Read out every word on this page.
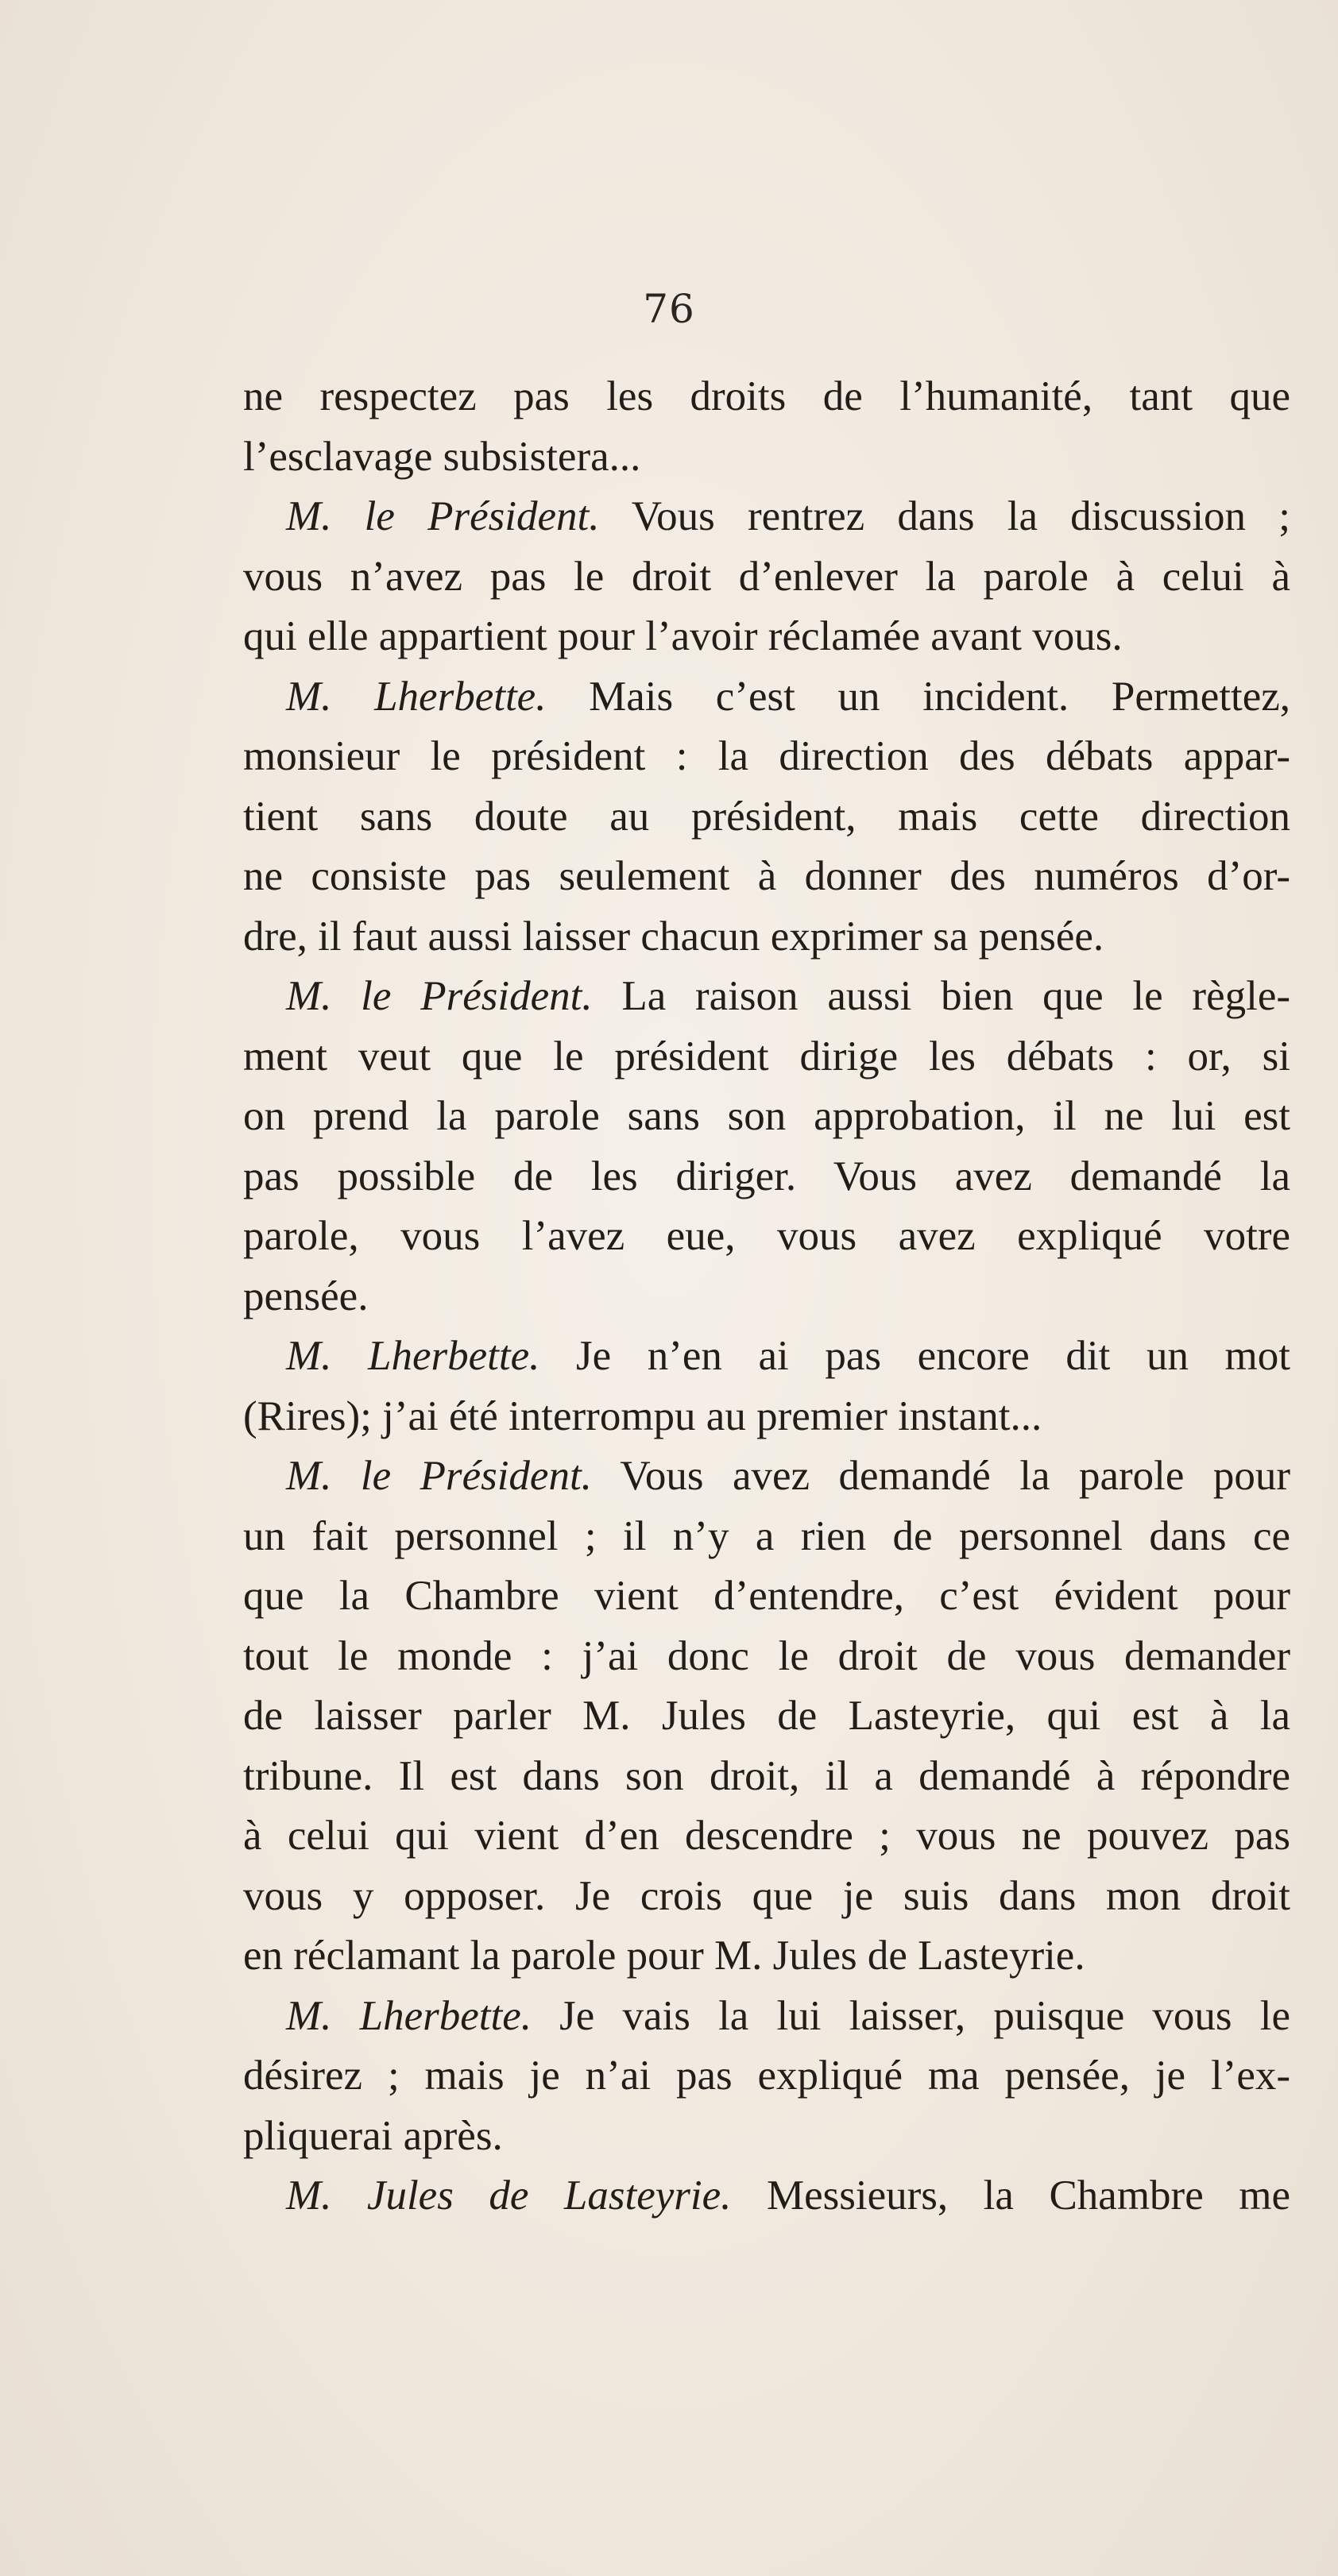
76
ne respectez pas les droits de l’humanité, tant que
l’esclavage subsistera...
M. le Président. Vous rentrez dans la discussion ;
vous n’avez pas le droit d’enlever la parole à celui à
qui elle appartient pour l’avoir réclamée avant vous.
M. Lherbette. Mais c’est un incident. Permettez,
monsieur le président : la direction des débats appar-
tient sans doute au président, mais cette direction
ne consiste pas seulement à donner des numéros d’or-
dre, il faut aussi laisser chacun exprimer sa pensée.
M. le Président. La raison aussi bien que le règle-
ment veut que le président dirige les débats : or, si
on prend la parole sans son approbation, il ne lui est
pas possible de les diriger. Vous avez demandé la
parole, vous l’avez eue, vous avez expliqué votre
pensée.
M. Lherbette. Je n’en ai pas encore dit un mot
(Rires); j’ai été interrompu au premier instant...
M. le Président. Vous avez demandé la parole pour
un fait personnel ; il n’y a rien de personnel dans ce
que la Chambre vient d’entendre, c’est évident pour
tout le monde : j’ai donc le droit de vous demander
de laisser parler M. Jules de Lasteyrie, qui est à la
tribune. Il est dans son droit, il a demandé à répondre
à celui qui vient d’en descendre ; vous ne pouvez pas
vous y opposer. Je crois que je suis dans mon droit
en réclamant la parole pour M. Jules de Lasteyrie.
M. Lherbette. Je vais la lui laisser, puisque vous le
désirez ; mais je n’ai pas expliqué ma pensée, je l’ex-
pliquerai après.
M. Jules de Lasteyrie. Messieurs, la Chambre me
